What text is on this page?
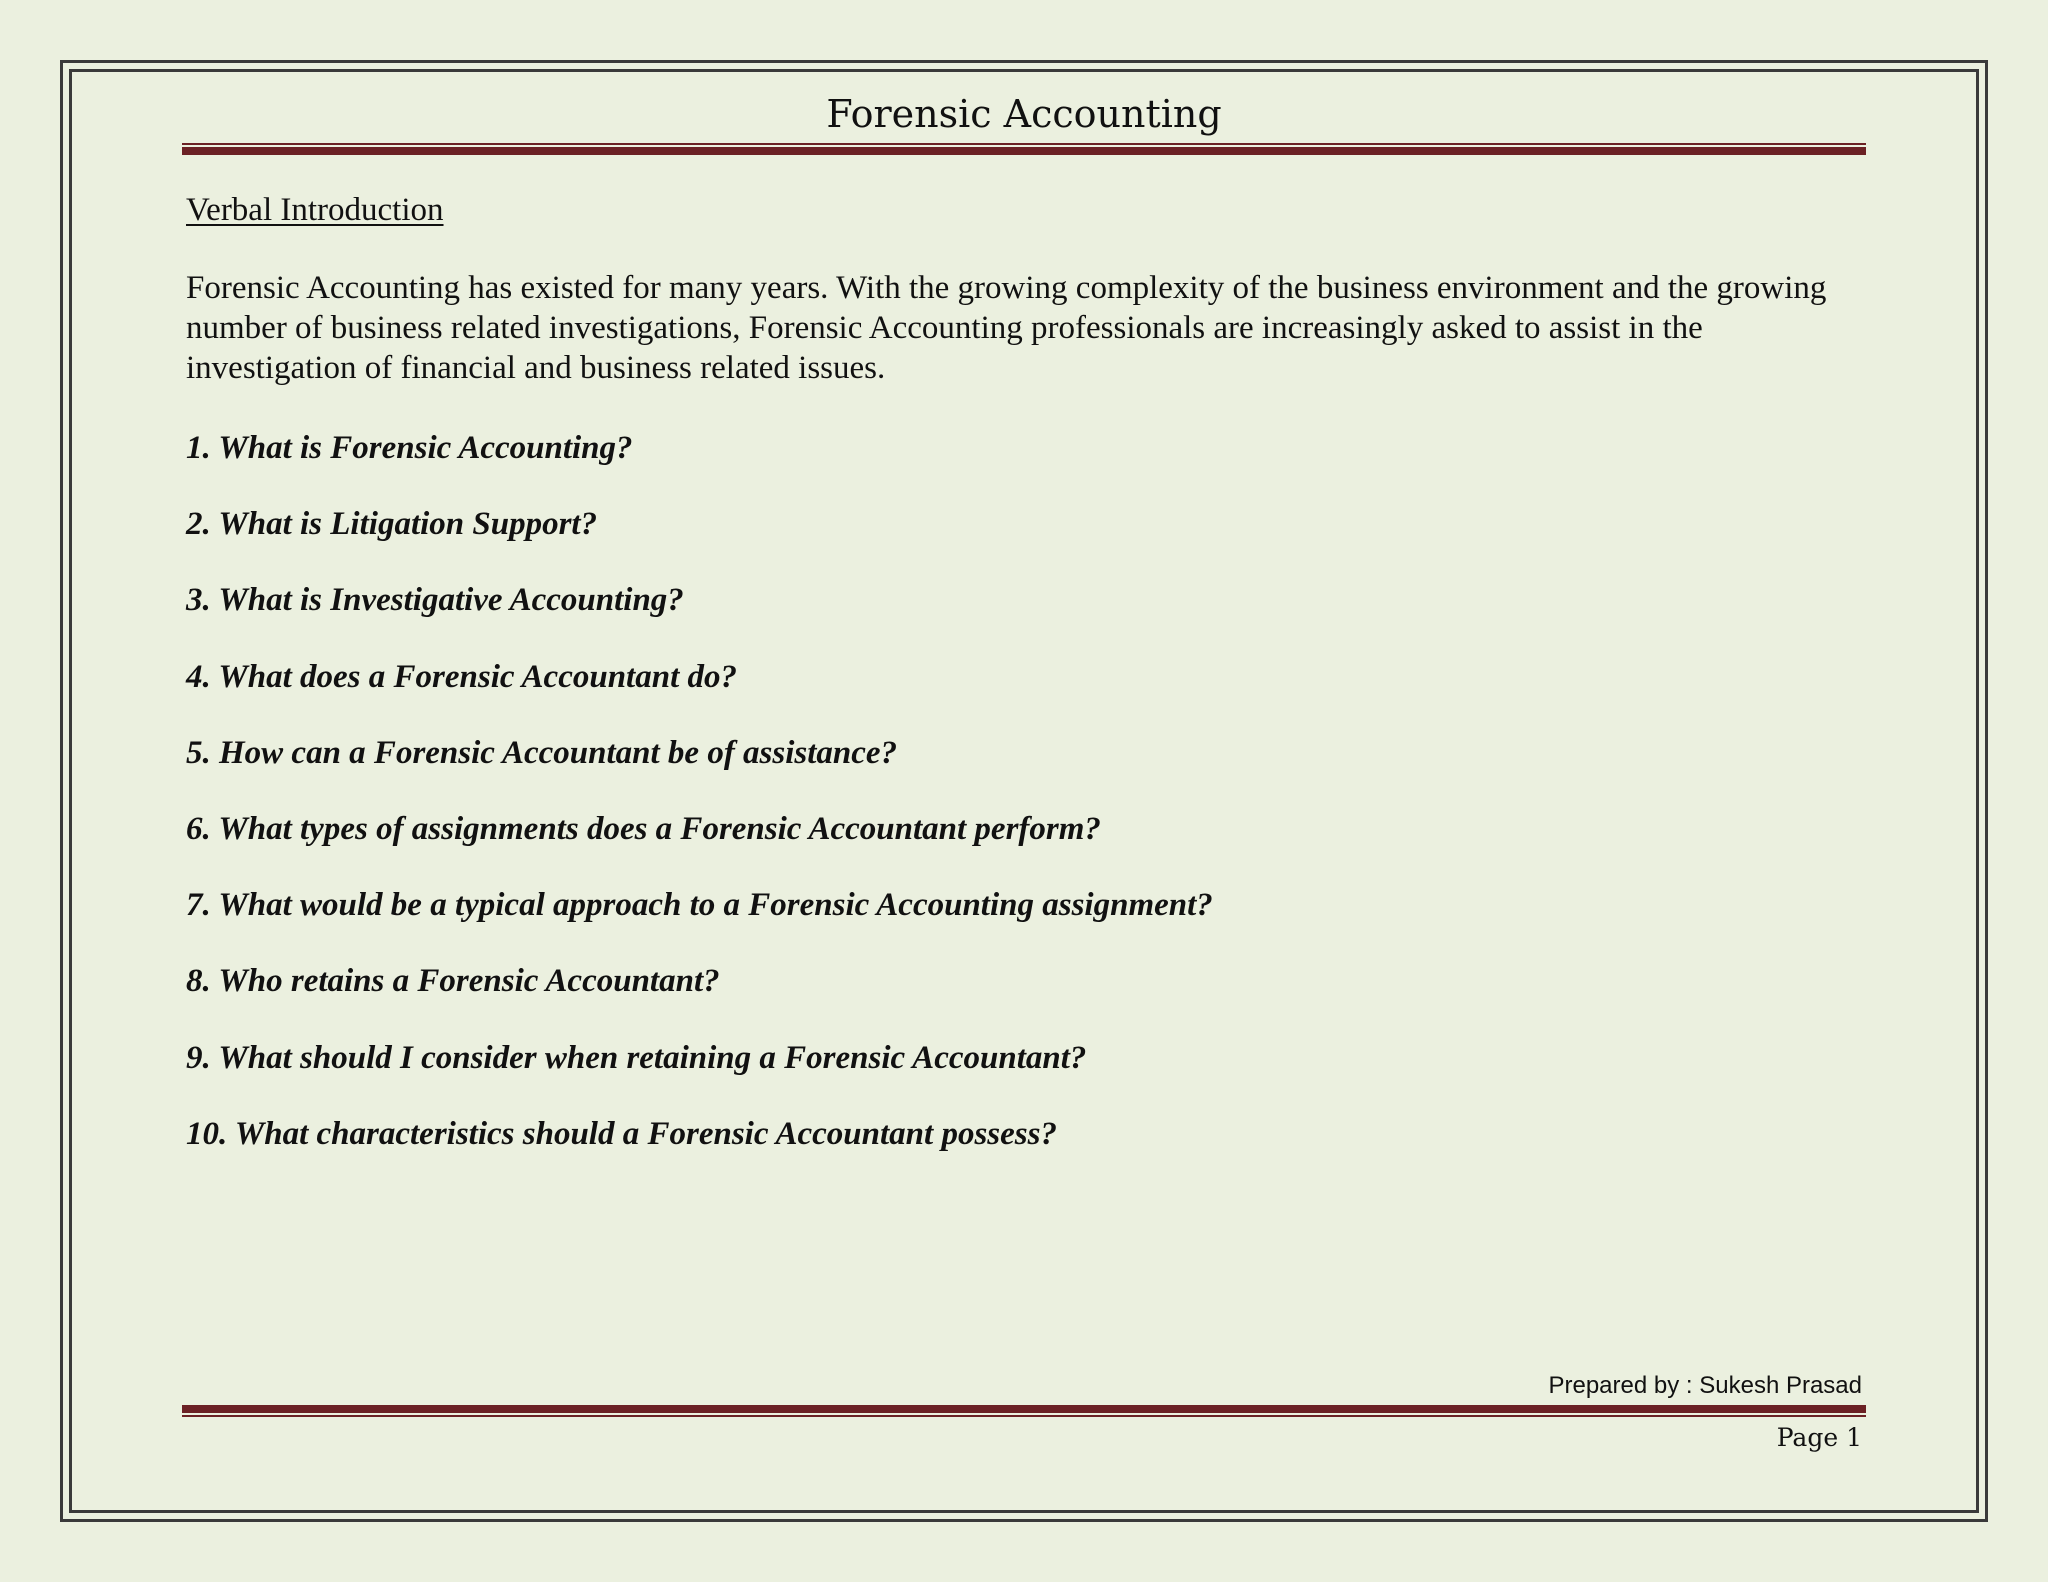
Forensic Accounting
Verbal Introduction

Forensic Accounting has existed for many years. With the growing complexity of the business environment and the growing number of business related investigations, Forensic Accounting professionals are increasingly asked to assist in the investigation of financial and business related issues.

1. What is Forensic Accounting?
2. What is Litigation Support?
3. What is Investigative Accounting?
4. What does a Forensic Accountant do?
5. How can a Forensic Accountant be of assistance?
6. What types of assignments does a Forensic Accountant perform?
7. What would be a typical approach to a Forensic Accounting assignment?
8. Who retains a Forensic Accountant?
9. What should I consider when retaining a Forensic Accountant?
10. What characteristics should a Forensic Accountant possess?
Prepared by : Sukesh Prasad
Page 1
